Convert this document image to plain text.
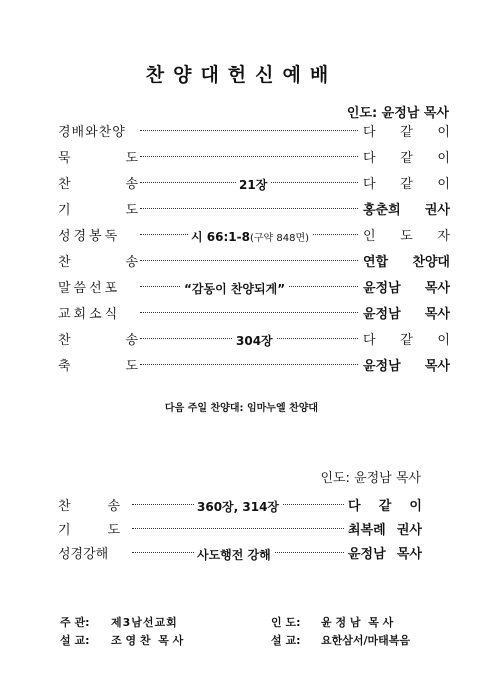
찬양대헌신예배
인도: 윤정남 목사
경배와찬양	다 같 이
묵 도	다 같 이
찬 송	21장	다 같 이
기 도	홍춘희 권사
성경봉독	시 66:1-8(구약 848면)	인 도 자
찬 송	연합 찬양대
말씀선포	“감동이 찬양되게”	윤정남 목사
교회소식	윤정남 목사
찬 송	304장	다 같 이
축 도	윤정남 목사
다음 주일 찬양대: 임마누엘 찬양대
인도: 윤정남 목사
찬 송	360장, 314장	다 같 이
기 도	최복례 권사
성경강해	사도행전 강해	윤정남 목사
주 관: 제3남선교회	인 도: 윤 정 남  목 사
설 교: 조 영 찬  목 사	설 교: 요한삼서/마태복음
